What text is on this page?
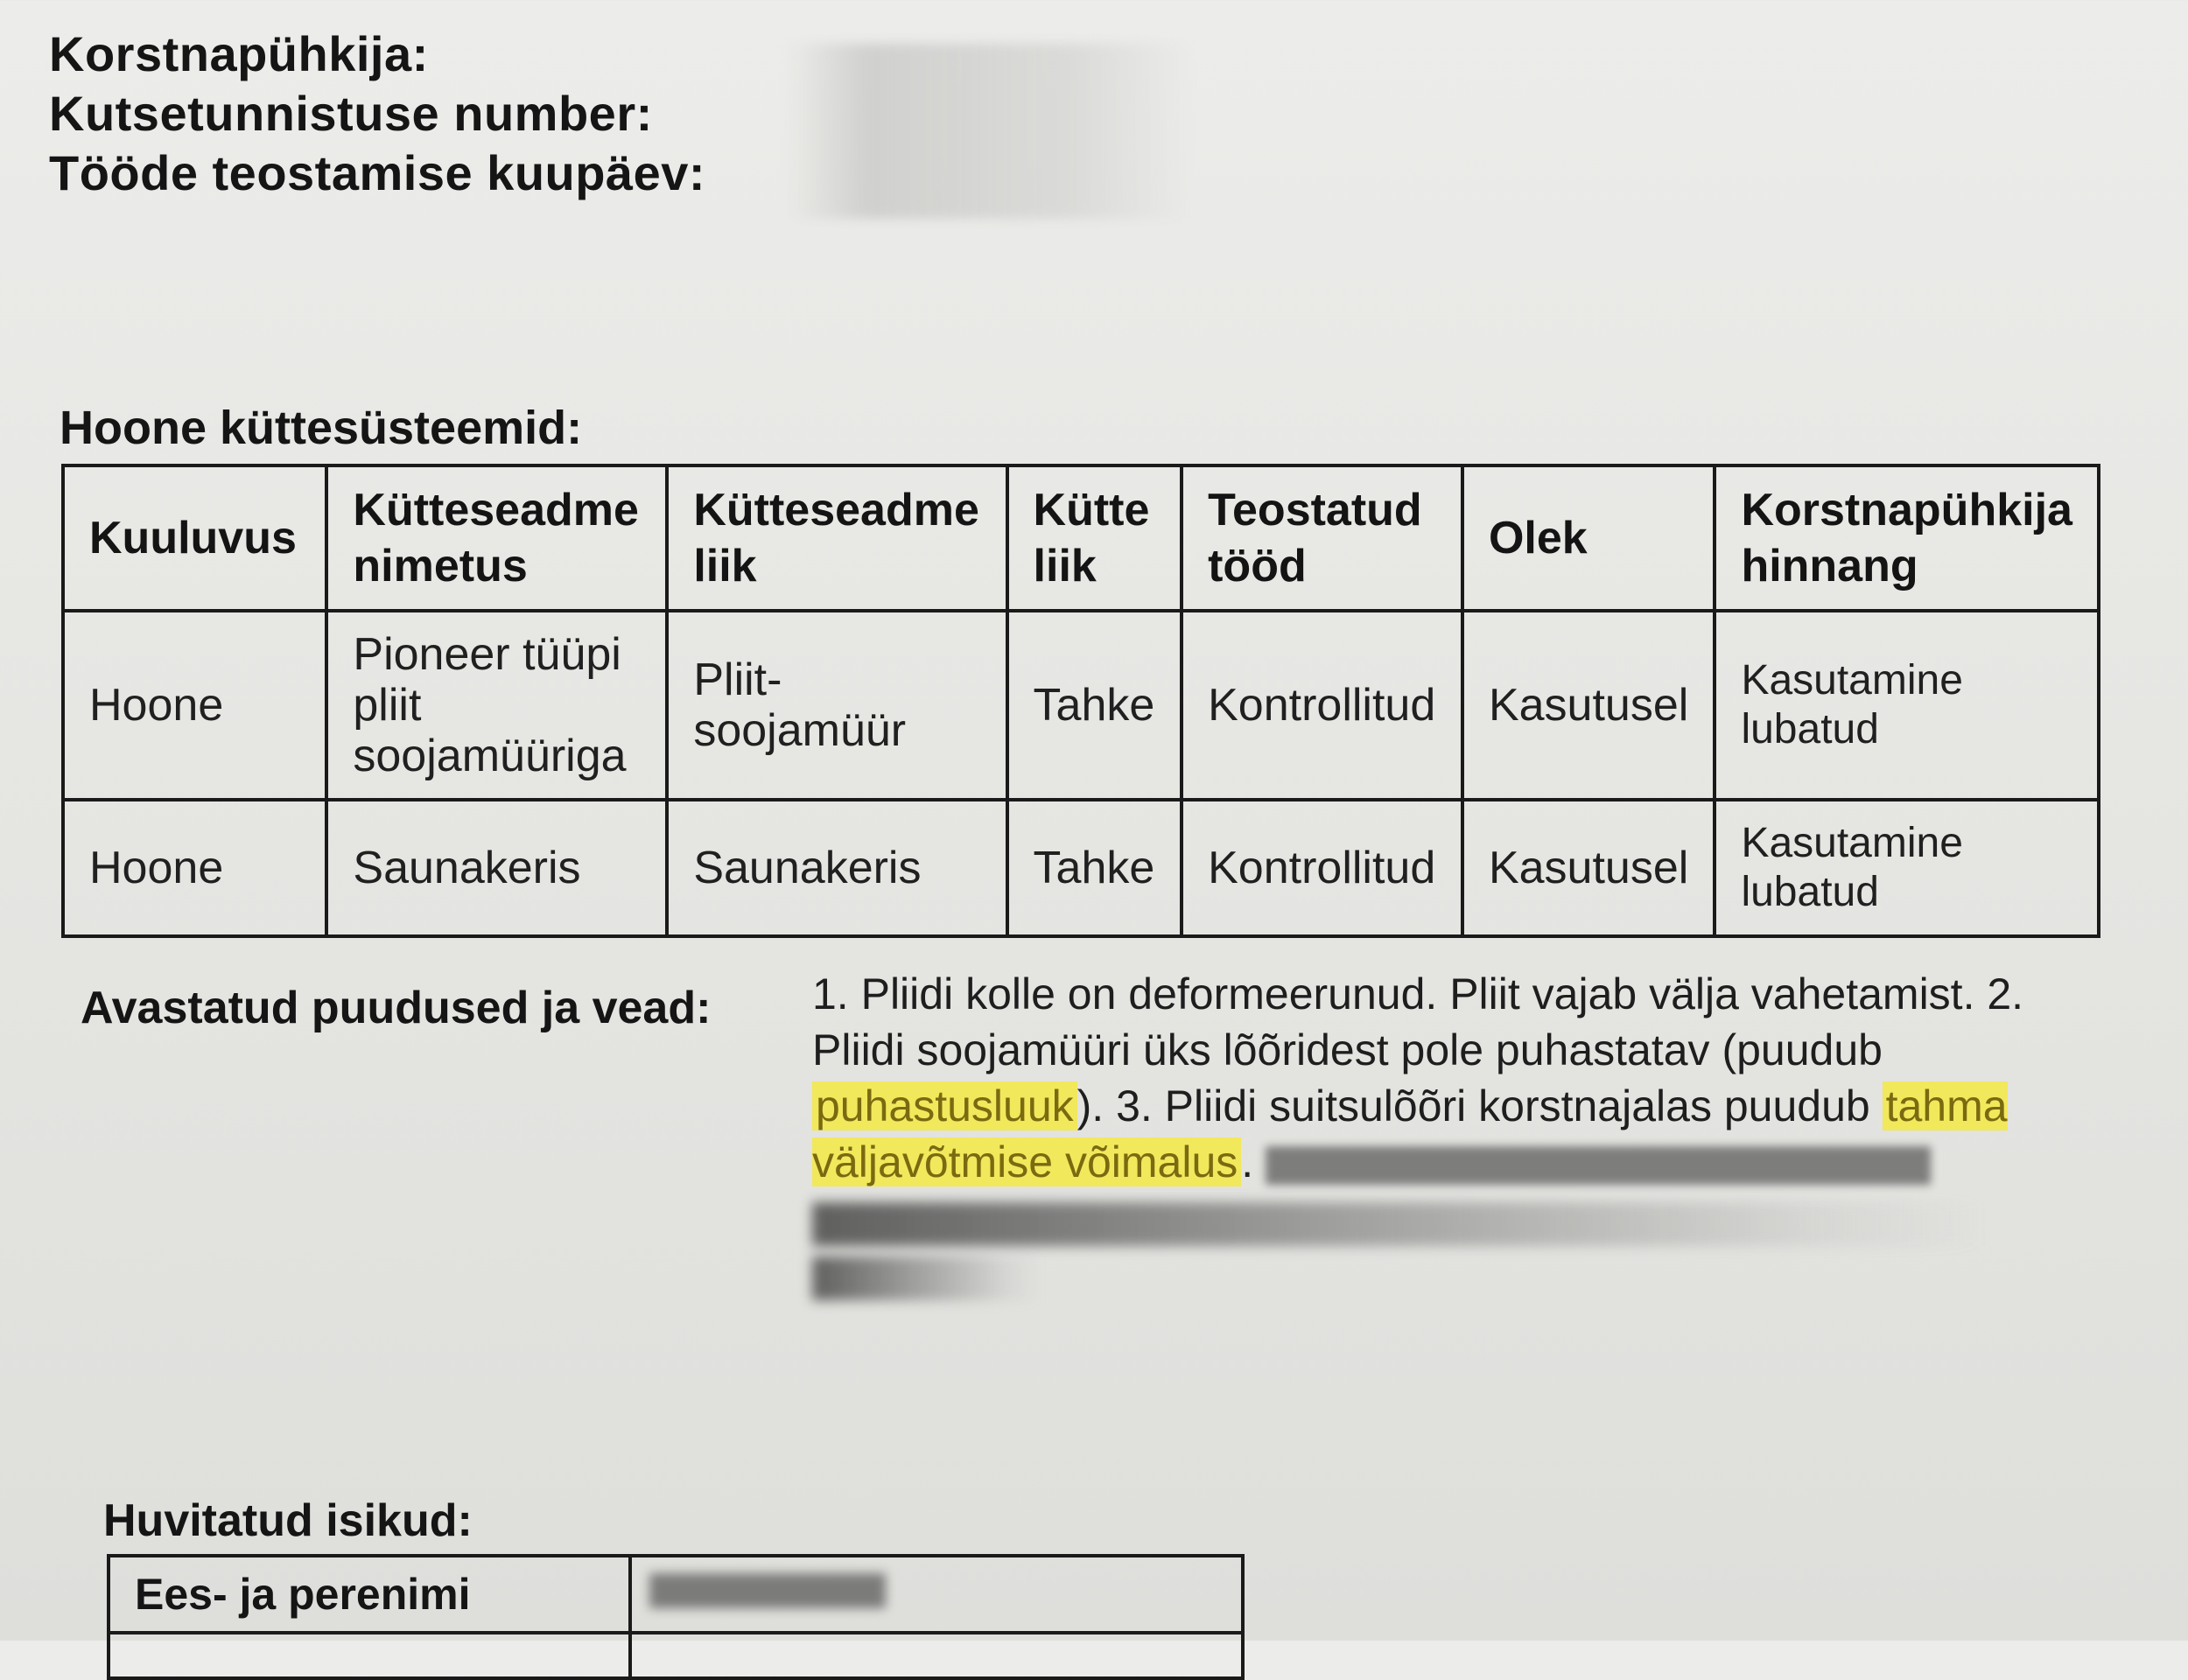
Korstnapühkija:
Kutsetunnistuse number:
Tööde teostamise kuupäev:
Hoone küttesüsteemid:
Kuuluvus	Kütteseadme nimetus	Kütteseadme liik	Kütte liik	Teostatud tööd	Olek	Korstnapühkija hinnang
Hoone	Pioneer tüüpi pliit soojamüüriga	Pliit-soojamüür	Tahke	Kontrollitud	Kasutusel	Kasutamine lubatud
Hoone	Saunakeris	Saunakeris	Tahke	Kontrollitud	Kasutusel	Kasutamine lubatud
Avastatud puudused ja vead: 1. Pliidi kolle on deformeerunud. Pliit vajab välja vahetamist. 2. Pliidi soojamüüri üks lõõridest pole puhastatav (puudub puhastusluuk). 3. Pliidi suitsulõõri korstnajalas puudub tahma väljavõtmise võimalus.
Huvitatud isikud:
Ees- ja perenimi	
